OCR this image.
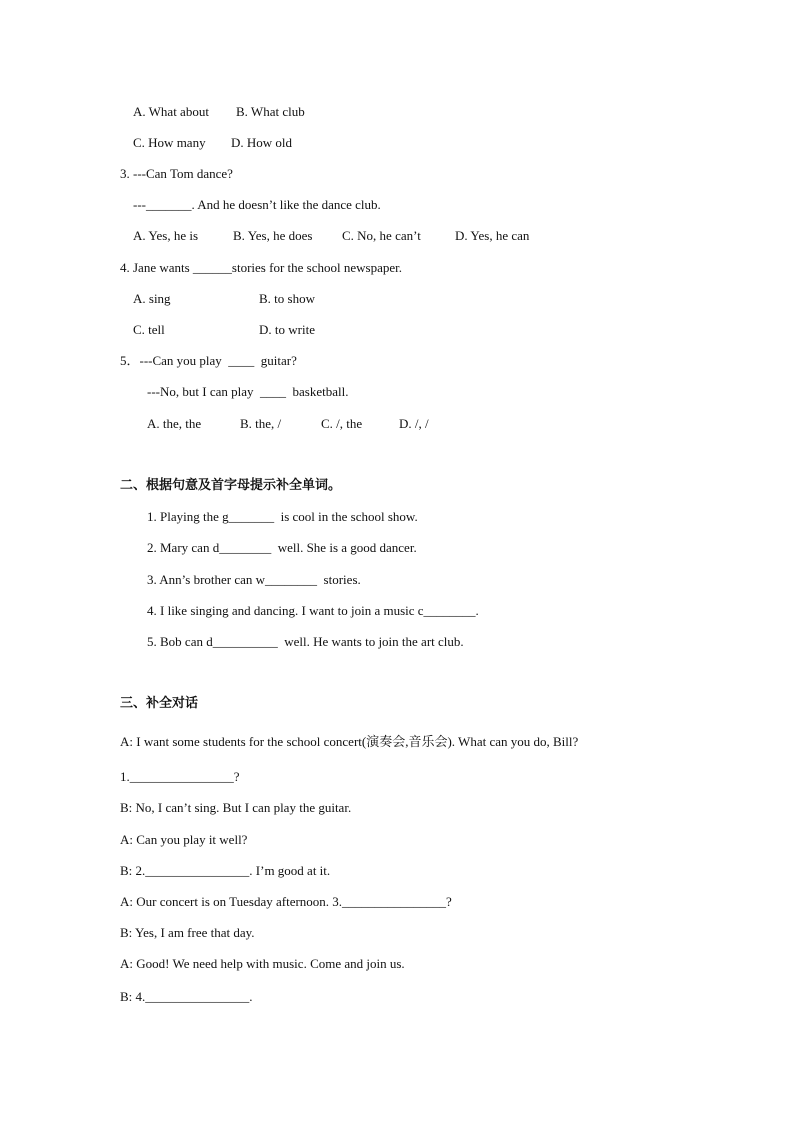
A. What about B. What club
C. How many D. How old
3. ---Can Tom dance?
---_______. And he doesn’t like the dance club.
A. Yes, he is	B. Yes, he does C. No, he can’t	D. Yes, he can
4. Jane wants ______stories for the school newspaper.
A. sing	B. to show
C. tell	D. to write
5．---Can you play  ____  guitar?
---No, but I can play  ____  basketball.
A. the, the	B. the, /	C. /, the	D. /, /
二、根据句意及首字母提示补全单词。
1. Playing the g_______  is cool in the school show.
2. Mary can d________  well. She is a good dancer.
3. Ann’s brother can w________  stories.
4. I like singing and dancing. I want to join a music c________.
5. Bob can d__________  well. He wants to join the art club.
三、补全对话
A: I want some students for the school concert(演奏会,音乐会). What can you do, Bill?
1.________________?
B: No, I can’t sing. But I can play the guitar.
A: Can you play it well?
B: 2.________________. I’m good at it.
A: Our concert is on Tuesday afternoon. 3.________________?
B: Yes, I am free that day.
A: Good! We need help with music. Come and join us.
B: 4.________________.
